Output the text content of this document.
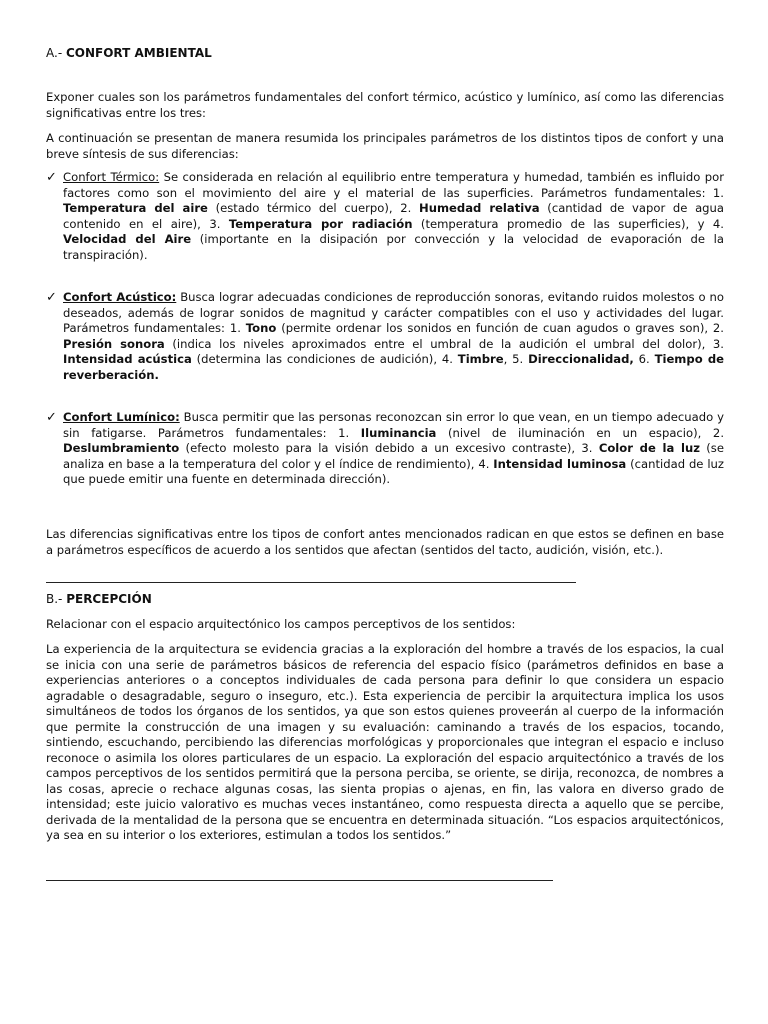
A.- CONFORT AMBIENTAL

Exponer cuales son los parámetros fundamentales del confort térmico, acústico y lumínico, así como las diferencias significativas entre los tres:

A continuación se presentan de manera resumida los principales parámetros de los distintos tipos de confort y una breve síntesis de sus diferencias:

✓ Confort Térmico: Se considerada en relación al equilibrio entre temperatura y humedad, también es influido por factores como son el movimiento del aire y el material de las superficies. Parámetros fundamentales: 1. Temperatura del aire (estado térmico del cuerpo), 2. Humedad relativa (cantidad de vapor de agua contenido en el aire), 3. Temperatura por radiación (temperatura promedio de las superficies), y 4. Velocidad del Aire (importante en la disipación por convección y la velocidad de evaporación de la transpiración).

✓ Confort Acústico: Busca lograr adecuadas condiciones de reproducción sonoras, evitando ruidos molestos o no deseados, además de lograr sonidos de magnitud y carácter compatibles con el uso y actividades del lugar. Parámetros fundamentales: 1. Tono (permite ordenar los sonidos en función de cuan agudos o graves son), 2. Presión sonora (indica los niveles aproximados entre el umbral de la audición el umbral del dolor), 3. Intensidad acústica (determina las condiciones de audición), 4. Timbre, 5. Direccionalidad, 6. Tiempo de reverberación.

✓ Confort Lumínico: Busca permitir que las personas reconozcan sin error lo que vean, en un tiempo adecuado y sin fatigarse. Parámetros fundamentales: 1. Iluminancia (nivel de iluminación en un espacio), 2. Deslumbramiento (efecto molesto para la visión debido a un excesivo contraste), 3. Color de la luz (se analiza en base a la temperatura del color y el índice de rendimiento), 4. Intensidad luminosa (cantidad de luz que puede emitir una fuente en determinada dirección).

Las diferencias significativas entre los tipos de confort antes mencionados radican en que estos se definen en base a parámetros específicos de acuerdo a los sentidos que afectan (sentidos del tacto, audición, visión, etc.).

B.- PERCEPCIÓN

Relacionar con el espacio arquitectónico los campos perceptivos de los sentidos:

La experiencia de la arquitectura se evidencia gracias a la exploración del hombre a través de los espacios, la cual se inicia con una serie de parámetros básicos de referencia del espacio físico (parámetros definidos en base a experiencias anteriores o a conceptos individuales de cada persona para definir lo que considera un espacio agradable o desagradable, seguro o inseguro, etc.). Esta experiencia de percibir la arquitectura implica los usos simultáneos de todos los órganos de los sentidos, ya que son estos quienes proveerán al cuerpo de la información que permite la construcción de una imagen y su evaluación: caminando a través de los espacios, tocando, sintiendo, escuchando, percibiendo las diferencias morfológicas y proporcionales que integran el espacio e incluso reconoce o asimila los olores particulares de un espacio. La exploración del espacio arquitectónico a través de los campos perceptivos de los sentidos permitirá que la persona perciba, se oriente, se dirija, reconozca, de nombres a las cosas, aprecie o rechace algunas cosas, las sienta propias o ajenas, en fin, las valora en diverso grado de intensidad; este juicio valorativo es muchas veces instantáneo, como respuesta directa a aquello que se percibe, derivada de la mentalidad de la persona que se encuentra en determinada situación. “Los espacios arquitectónicos, ya sea en su interior o los exteriores, estimulan a todos los sentidos.”
